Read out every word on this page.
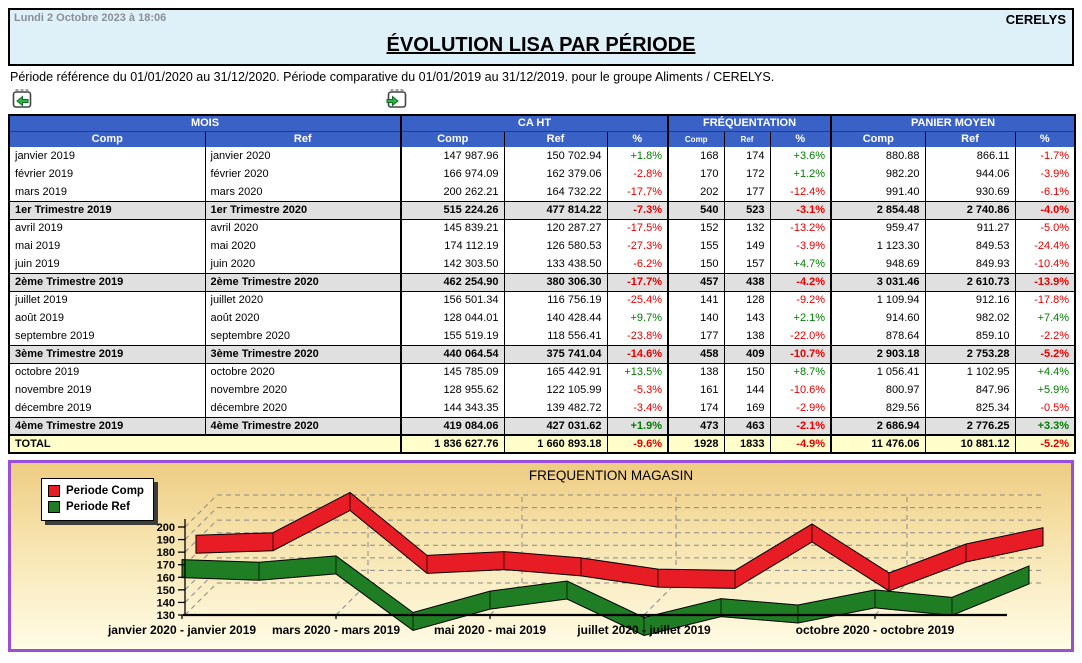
Lundi 2 Octobre 2023 à 18:06	CERELYS
ÉVOLUTION LISA PAR PÉRIODE
Période référence du 01/01/2020 au 31/12/2020. Période comparative du 01/01/2019 au 31/12/2019. pour le groupe Aliments / CERELYS.
MOIS		CA HT			FRÉQUENTATION			PANIER MOYEN		
Comp	Ref	Comp	Ref	%	Comp	Ref	%	Comp	Ref	%
janvier 2019	janvier 2020	147 987.96	150 702.94	+1.8%	168	174	+3.6%	880.88	866.11	-1.7%
février 2019	février 2020	166 974.09	162 379.06	-2.8%	170	172	+1.2%	982.20	944.06	-3.9%
mars 2019	mars 2020	200 262.21	164 732.22	-17.7%	202	177	-12.4%	991.40	930.69	-6.1%
1er Trimestre 2019	1er Trimestre 2020	515 224.26	477 814.22	-7.3%	540	523	-3.1%	2 854.48	2 740.86	-4.0%
avril 2019	avril 2020	145 839.21	120 287.27	-17.5%	152	132	-13.2%	959.47	911.27	-5.0%
mai 2019	mai 2020	174 112.19	126 580.53	-27.3%	155	149	-3.9%	1 123.30	849.53	-24.4%
juin 2019	juin 2020	142 303.50	133 438.50	-6.2%	150	157	+4.7%	948.69	849.93	-10.4%
2ème Trimestre 2019	2ème Trimestre 2020	462 254.90	380 306.30	-17.7%	457	438	-4.2%	3 031.46	2 610.73	-13.9%
juillet 2019	juillet 2020	156 501.34	116 756.19	-25.4%	141	128	-9.2%	1 109.94	912.16	-17.8%
août 2019	août 2020	128 044.01	140 428.44	+9.7%	140	143	+2.1%	914.60	982.02	+7.4%
septembre 2019	septembre 2020	155 519.19	118 556.41	-23.8%	177	138	-22.0%	878.64	859.10	-2.2%
3ème Trimestre 2019	3ème Trimestre 2020	440 064.54	375 741.04	-14.6%	458	409	-10.7%	2 903.18	2 753.28	-5.2%
octobre 2019	octobre 2020	145 785.09	165 442.91	+13.5%	138	150	+8.7%	1 056.41	1 102.95	+4.4%
novembre 2019	novembre 2020	128 955.62	122 105.99	-5.3%	161	144	-10.6%	800.97	847.96	+5.9%
décembre 2019	décembre 2020	144 343.35	139 482.72	-3.4%	174	169	-2.9%	829.56	825.34	-0.5%
4ème Trimestre 2019	4ème Trimestre 2020	419 084.06	427 031.62	+1.9%	473	463	-2.1%	2 686.94	2 776.25	+3.3%
TOTAL		1 836 627.76	1 660 893.18	-9.6%	1928	1833	-4.9%	11 476.06	10 881.12	-5.2%
130
140
150
160
170
180
190
200
janvier 2020 - janvier 2019 mars 2020 - mars 2019	mai 2020 - mai 2019	juillet 2020 - juillet 2019	octobre 2020 - octobre 2019
FREQUENTION MAGASIN
Periode Comp
Periode Ref
